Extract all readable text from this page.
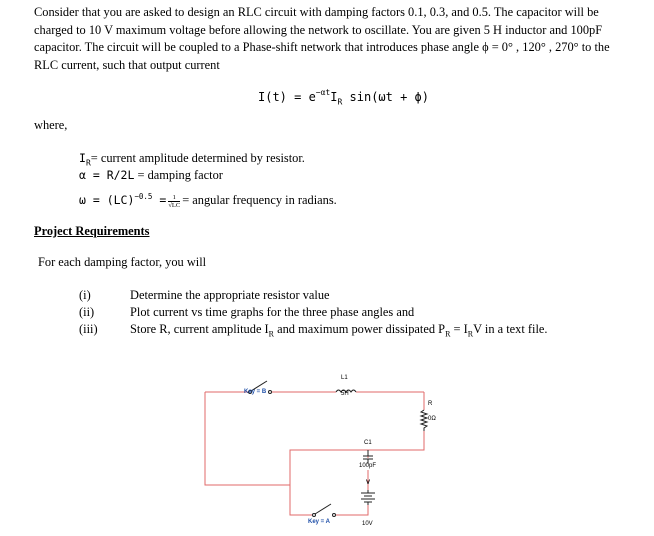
Consider that you are asked to design an RLC circuit with damping factors 0.1, 0.3, and 0.5. The capacitor will be charged to 10 V maximum voltage before allowing the network to oscillate. You are given 5 H inductor and 100pF capacitor. The circuit will be coupled to a Phase-shift network that introduces phase angle ϕ = 0° , 120° , 270° to the RLC current, such that output current
$I(t) = e^{-\alpha t}I_R$ sin(ωt + ϕ)
where,
$I_R=$ current amplitude determined by resistor.
α = R/2L = damping factor
$\omega = (LC)^{-0.5} = \frac{1}{√LC}$ = angular frequency in radians.
Project Requirements
For each damping factor, you will
(i)	Determine the appropriate resistor value
(ii)	Plot current vs time graphs for the three phase angles and
(iii)	Store R, current amplitude $I_R$ and maximum power dissipated $P_R = I_RV$ in a text file.
Key = B
L1
5H
R
0Ω
C1
100pF
V
10V
Key = A
